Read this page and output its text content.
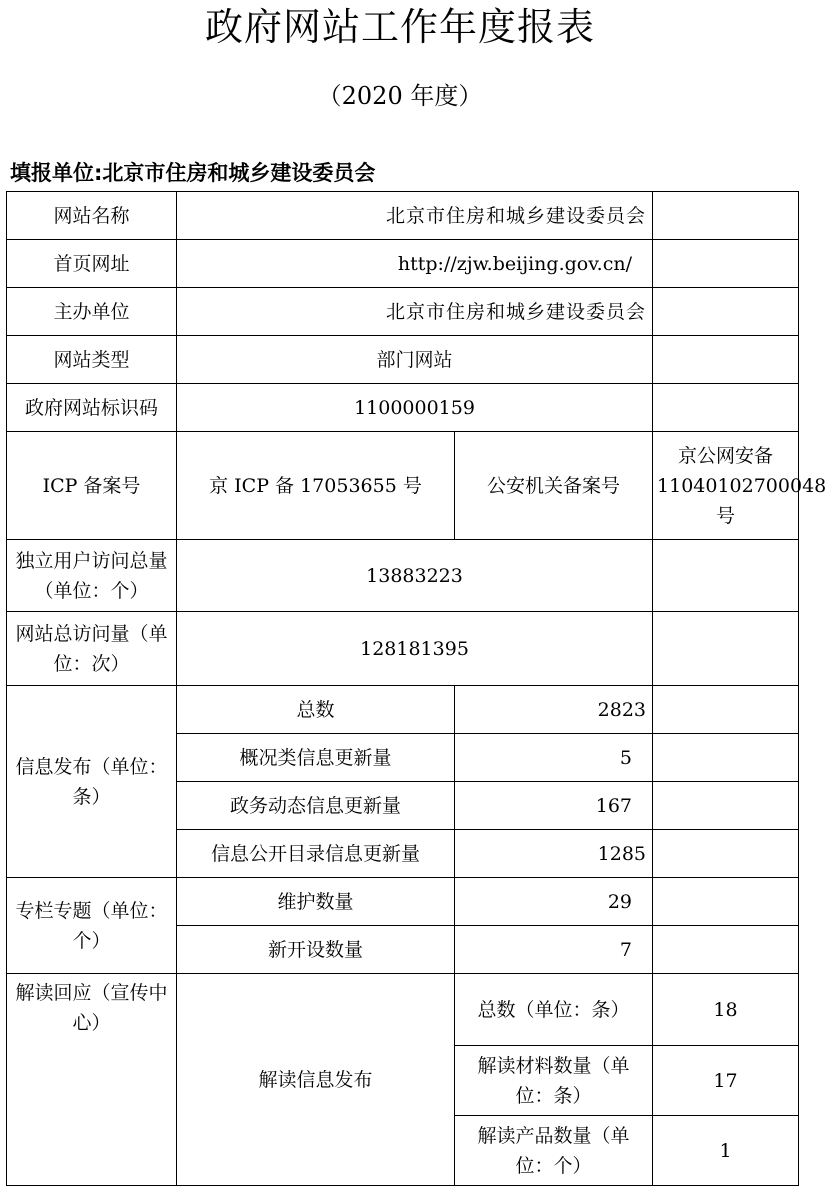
政府网站工作年度报表
（2020 年度）
填报单位:北京市住房和城乡建设委员会
网站名称	北京市住房和城乡建设委员会		
首页网址	http://zjw.beijing.gov.cn/		
主办单位	北京市住房和城乡建设委员会		
网站类型	部门网站		
政府网站标识码	1100000159		
ICP 备案号	京 ICP 备 17053655 号	公安机关备案号	京公网安备 11040102700048 号
独立用户访问总量（单位：个）	13883223		
网站总访问量（单位：次）	128181395		
信息发布（单位：条）	总数	2823	
	概况类信息更新量	5	
	政务动态信息更新量	167	
	信息公开目录信息更新量	1285	
专栏专题（单位：个）	维护数量	29	
	新开设数量	7	
解读回应（宣传中心）	解读信息发布	总数（单位：条）	18
		解读材料数量（单位：条）	17
		解读产品数量（单位：个）	1
